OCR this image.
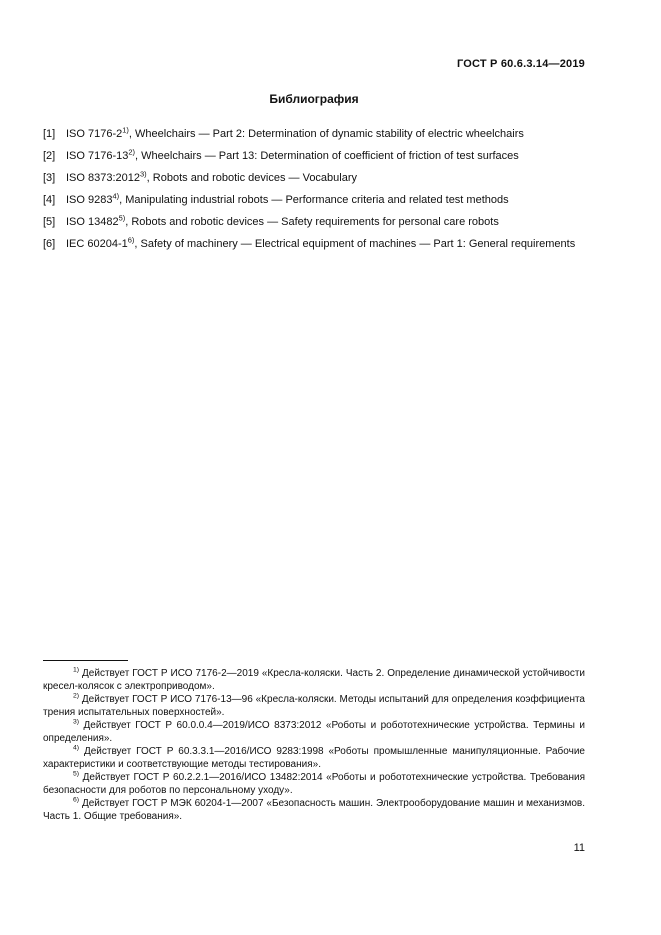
ГОСТ Р 60.6.3.14—2019
Библиография
[1] ISO 7176-2$^{1)}$, Wheelchairs — Part 2: Determination of dynamic stability of electric wheelchairs
[2] ISO 7176-13$^{2)}$, Wheelchairs — Part 13: Determination of coefficient of friction of test surfaces
[3] ISO 8373:2012$^{3)}$, Robots and robotic devices — Vocabulary
[4] ISO 9283$^{4)}$, Manipulating industrial robots — Performance criteria and related test methods
[5] ISO 13482$^{5)}$, Robots and robotic devices — Safety requirements for personal care robots
[6] IEC 60204-1$^{6)}$, Safety of machinery — Electrical equipment of machines — Part 1: General requirements

$^{1)}$ Действует ГОСТ Р ИСО 7176-2—2019 «Кресла-коляски. Часть 2. Определение динамической устойчивости кресел-колясок с электроприводом».

$^{2)}$ Действует ГОСТ Р ИСО 7176-13—96 «Кресла-коляски. Методы испытаний для определения коэффициента трения испытательных поверхностей».

$^{3)}$ Действует ГОСТ Р 60.0.0.4—2019/ИСО 8373:2012 «Роботы и робототехнические устройства. Термины и определения».

$^{4)}$ Действует ГОСТ Р 60.3.3.1—2016/ИСО 9283:1998 «Роботы промышленные манипуляционные. Рабочие характеристики и соответствующие методы тестирования».

$^{5)}$ Действует ГОСТ Р 60.2.2.1—2016/ИСО 13482:2014 «Роботы и робототехнические устройства. Требования безопасности для роботов по персональному уходу».

$^{6)}$ Действует ГОСТ Р МЭК 60204-1—2007 «Безопасность машин. Электрооборудование машин и механизмов. Часть 1. Общие требования».

11
